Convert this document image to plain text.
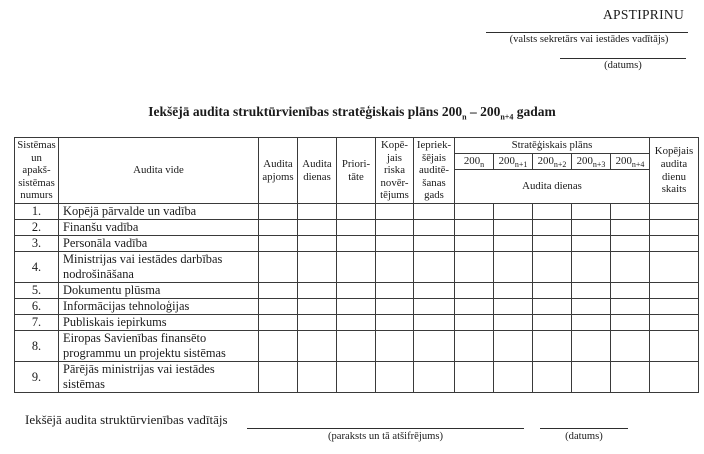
APSTIPRINU
(valsts sekretārs vai iestādes vadītājs)
(datums)
Iekšējā audita struktūrvienības stratēģiskais plāns $200_n - 200_{n+4}$ gadam
Sistēmas un apakš-sistēmas numurs	Audita vide	Audita apjoms	Audita dienas	Priori-tāte	Kopē-jais riska novēr-tējums	Iepriek-šējais auditē-šanas gads	Stratēģiskais plāns					Kopējais audita dienu skaits
							$200_n$	$200_{n+1}$	$200_{n+2}$	$200_{n+3}$	$200_{n+4}$
							Audita dienas					
1.	Kopējā pārvalde un vadība											
2.	Finanšu vadība											
3.	Personāla vadība											
4.	Ministrijas vai iestādes darbības nodrošināšana											
5.	Dokumentu plūsma											
6.	Informācijas tehnoloģijas											
7.	Publiskais iepirkums											
8.	Eiropas Savienības finansēto programmu un projektu sistēmas											
9.	Pārējās ministrijas vai iestādes sistēmas											
Iekšējā audita struktūrvienības vadītājs
(paraksts un tā atšifrējums)	(datums)
